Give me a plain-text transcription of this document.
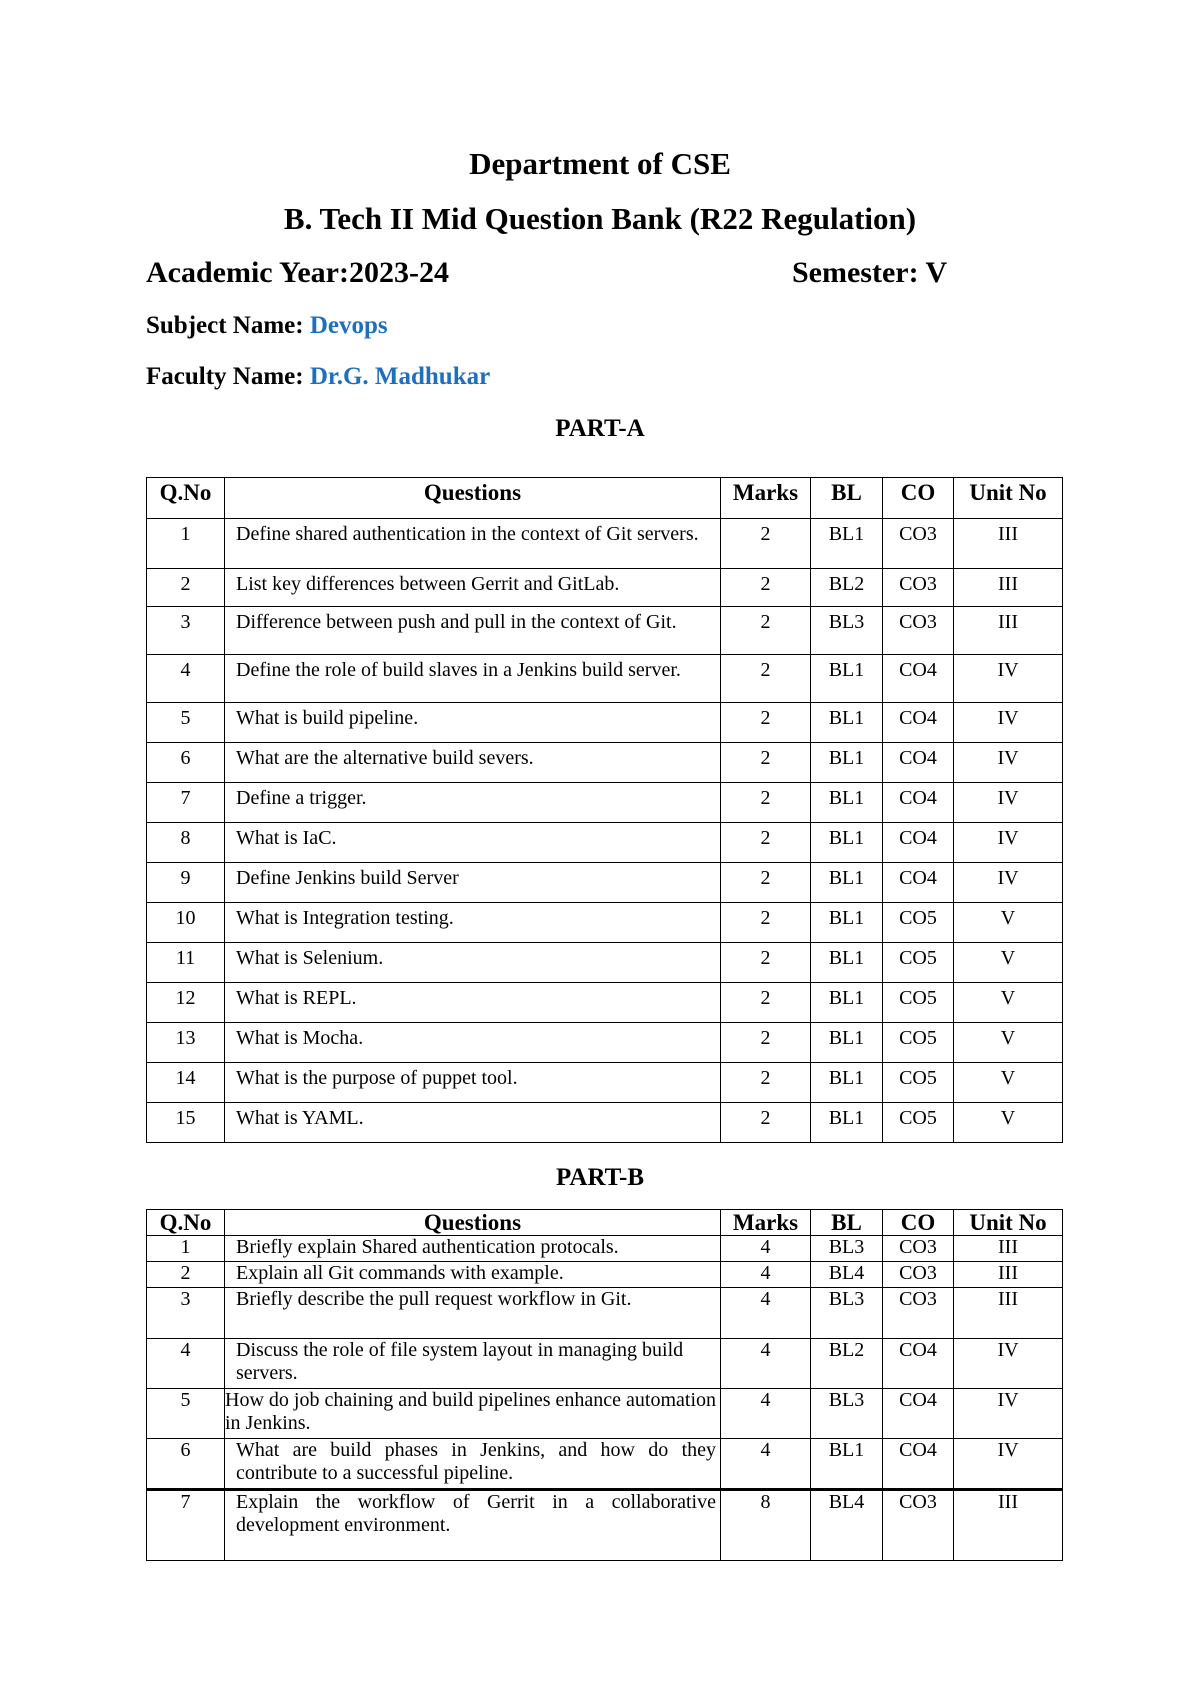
Department of CSE
B. Tech II Mid Question Bank (R22 Regulation)
Academic Year:2023-24	Semester: V
Subject Name: Devops
Faculty Name: Dr.G. Madhukar
PART-A
Q.No	Questions	Marks	BL	CO	Unit No
1	Define shared authentication in the context of Git servers.	2	BL1	CO3	III
2	List key differences between Gerrit and GitLab.	2	BL2	CO3	III
3	Difference between push and pull in the context of Git.	2	BL3	CO3	III
4	Define the role of build slaves in a Jenkins build server.	2	BL1	CO4	IV
5	What is build pipeline.	2	BL1	CO4	IV
6	What are the alternative build severs.	2	BL1	CO4	IV
7	Define a trigger.	2	BL1	CO4	IV
8	What is IaC.	2	BL1	CO4	IV
9	Define Jenkins build Server	2	BL1	CO4	IV
10	What is Integration testing.	2	BL1	CO5	V
11	What is Selenium.	2	BL1	CO5	V
12	What is REPL.	2	BL1	CO5	V
13	What is Mocha.	2	BL1	CO5	V
14	What is the purpose of puppet tool.	2	BL1	CO5	V
15	What is YAML.	2	BL1	CO5	V
PART-B
Q.No	Questions	Marks	BL	CO	Unit No
1	Briefly explain Shared authentication protocals.	4	BL3	CO3	III
2	Explain all Git commands with example.	4	BL4	CO3	III
3	Briefly describe the pull request workflow in Git.	4	BL3	CO3	III
4	Discuss the role of file system layout in managing build servers.	4	BL2	CO4	IV
5	How do job chaining and build pipelines enhance automation in Jenkins.	4	BL3	CO4	IV
6	What are build phases in Jenkins, and how do they contribute to a successful pipeline.	4	BL1	CO4	IV
7	Explain the workflow of Gerrit in a collaborative development environment.	8	BL4	CO3	III
